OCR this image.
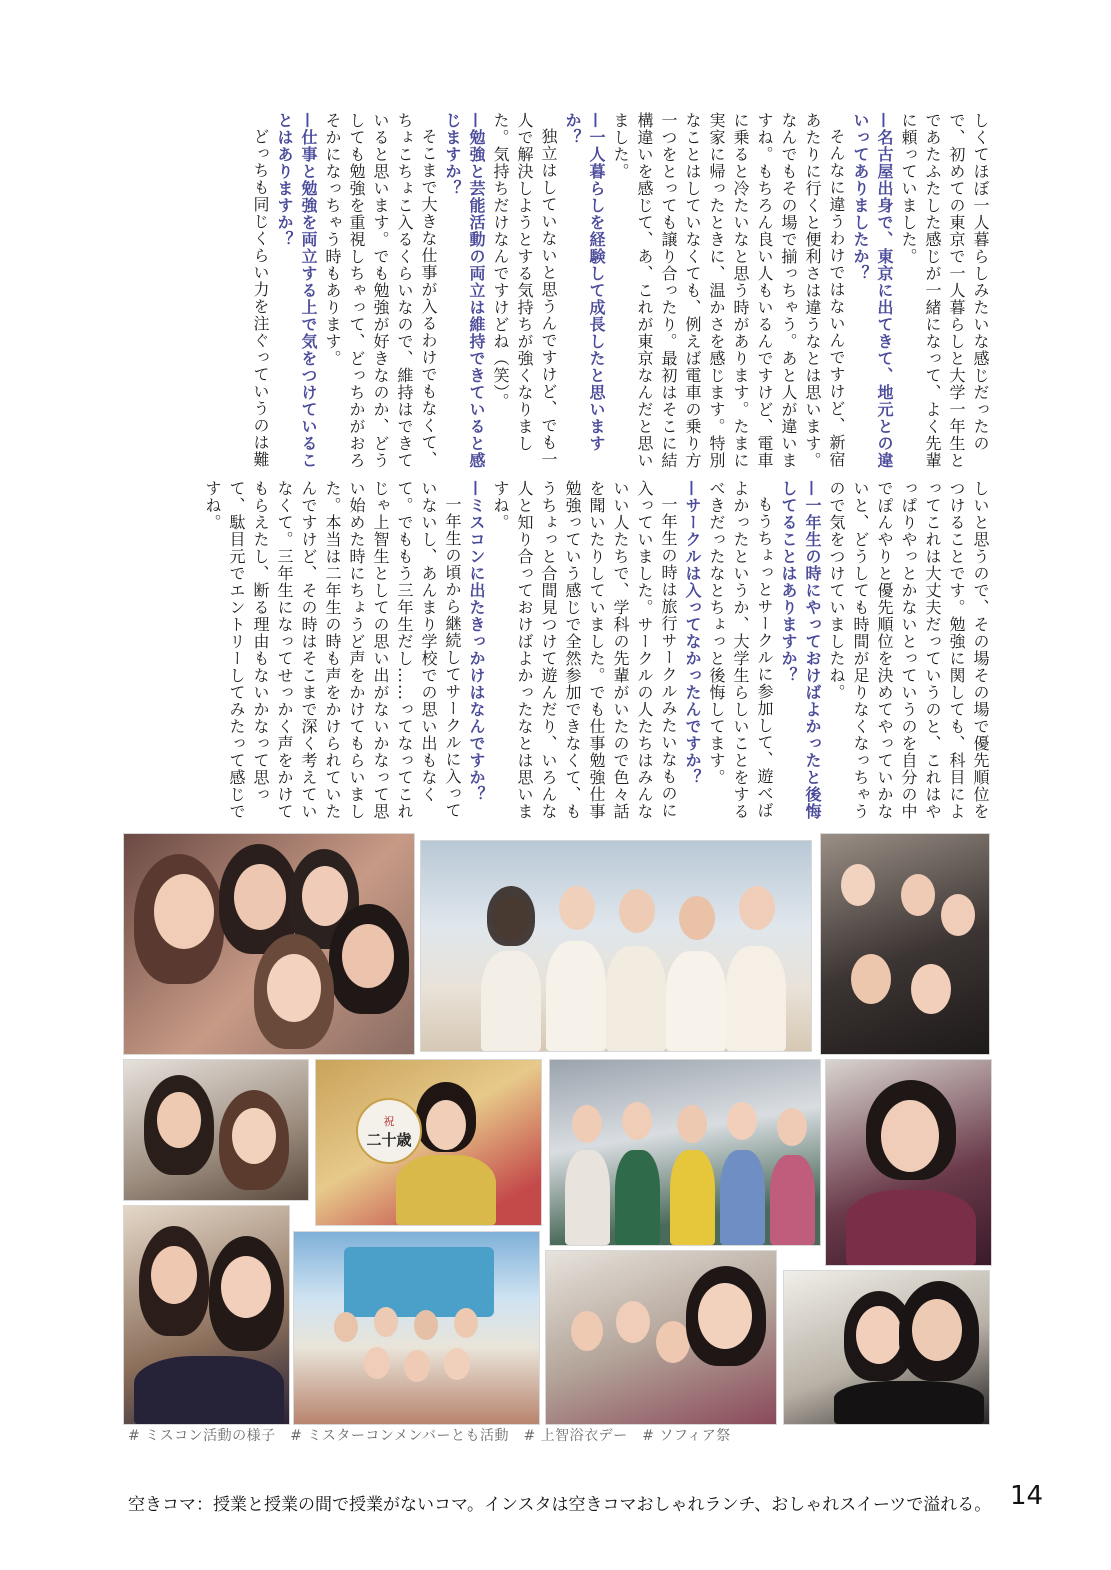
しくてほぼ一人暮らしみたいな感じだったので、初めての東京で一人暮らしと大学一年生とであたふたした感じが一緒になって、よく先輩に頼っていました。

—名古屋出身で、東京に出てきて、地元との違いってありましたか？

そんなに違うわけではないんですけど、新宿あたりに行くと便利さは違うなとは思います。なんでもその場で揃っちゃう。あと人が違いますね。もちろん良い人もいるんですけど、電車に乗ると冷たいなと思う時があります。たまに実家に帰ったときに、温かさを感じます。特別なことはしていなくても、例えば電車の乗り方一つをとっても譲り合ったり。最初はそこに結構違いを感じて、あ、これが東京なんだと思いました。

—一人暮らしを経験して成長したと思いますか？

独立はしていないと思うんですけど、でも一人で解決しようとする気持ちが強くなりました。気持ちだけなんですけどね（笑）。

—勉強と芸能活動の両立は維持できていると感じますか？

そこまで大きな仕事が入るわけでもなくて、ちょこちょこ入るくらいなので、維持はできていると思います。でも勉強が好きなのか、どうしても勉強を重視しちゃって、どっちかがおろそかになっちゃう時もあります。

—仕事と勉強を両立する上で気をつけていることはありますか？

どっちも同じくらい力を注ぐっていうのは難

しいと思うので、その場その場で優先順位をつけることです。勉強に関しても、科目によってこれは大丈夫だっていうのと、これはやっぱりやっとかないとっていうのを自分の中でぽんやりと優先順位を決めてやっていかないと、どうしても時間が足りなくなっちゃうので気をつけていましたね。

—一年生の時にやっておけばよかったと後悔してることはありますか？

もうちょっとサークルに参加して、遊べばよかったというか、大学生らしいことをするべきだったなとちょっと後悔してます。

—サークルは入ってなかったんですか？

一年生の時は旅行サークルみたいなものに入っていました。サークルの人たちはみんないい人たちで、学科の先輩がいたので色々話を聞いたりしていました。でも仕事勉強仕事勉強っていう感じで全然参加できなくて、もうちょっと合間見つけて遊んだり、いろんな人と知り合っておけばよかったなとは思いますね。

—ミスコンに出たきっかけはなんですか？

一年生の頃から継続してサークルに入っていないし、あんまり学校での思い出もなくて。でももう三年生だし……ってなってこれじゃ上智生としての思い出がないかなって思い始めた時にちょうど声をかけてもらいました。本当は二年生の時も声をかけられていたんですけど、その時はそこまで深く考えていなくて。三年生になってせっかく声をかけてもらえたし、断る理由もないかなって思って、駄目元でエントリーしてみたって感じですね。

祝
二十歳
# ミスコン活動の様子　# ミスターコンメンバーとも活動　# 上智浴衣デー　# ソフィア祭
空きコマ：授業と授業の間で授業がないコマ。インスタは空きコマおしゃれランチ、おしゃれスイーツで溢れる。 14
